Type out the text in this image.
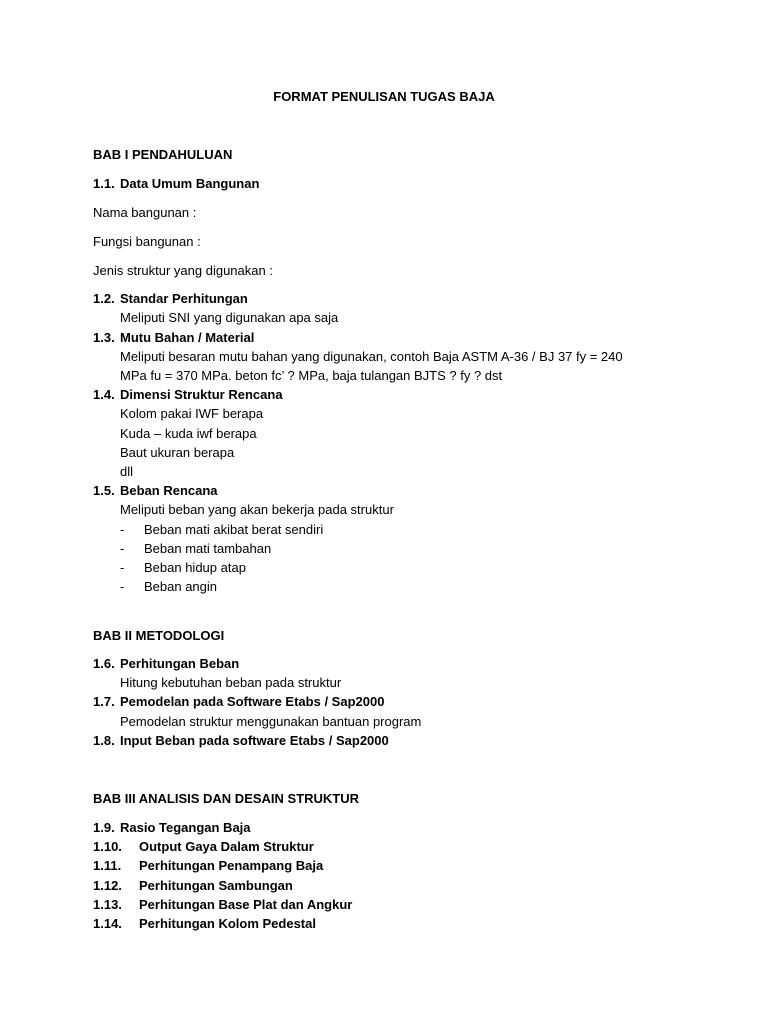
FORMAT PENULISAN TUGAS BAJA
BAB I PENDAHULUAN
1.1. Data Umum Bangunan
Nama bangunan :
Fungsi bangunan :
Jenis struktur yang digunakan :
1.2. Standar Perhitungan
Meliputi SNI yang digunakan apa saja
1.3. Mutu Bahan / Material
Meliputi besaran mutu bahan yang digunakan, contoh Baja ASTM A-36 / BJ 37 fy = 240
MPa fu = 370 MPa. beton fc’ ? MPa, baja tulangan BJTS ? fy ? dst
1.4. Dimensi Struktur Rencana
Kolom pakai IWF berapa
Kuda – kuda iwf berapa
Baut ukuran berapa
dll
1.5. Beban Rencana
Meliputi beban yang akan bekerja pada struktur
- Beban mati akibat berat sendiri
- Beban mati tambahan
- Beban hidup atap
- Beban angin
BAB II METODOLOGI
1.6. Perhitungan Beban
Hitung kebutuhan beban pada struktur
1.7. Pemodelan pada Software Etabs / Sap2000
Pemodelan struktur menggunakan bantuan program
1.8. Input Beban pada software Etabs / Sap2000
BAB III ANALISIS DAN DESAIN STRUKTUR
1.9. Rasio Tegangan Baja
1.10. Output Gaya Dalam Struktur
1.11. Perhitungan Penampang Baja
1.12. Perhitungan Sambungan
1.13. Perhitungan Base Plat dan Angkur
1.14. Perhitungan Kolom Pedestal
